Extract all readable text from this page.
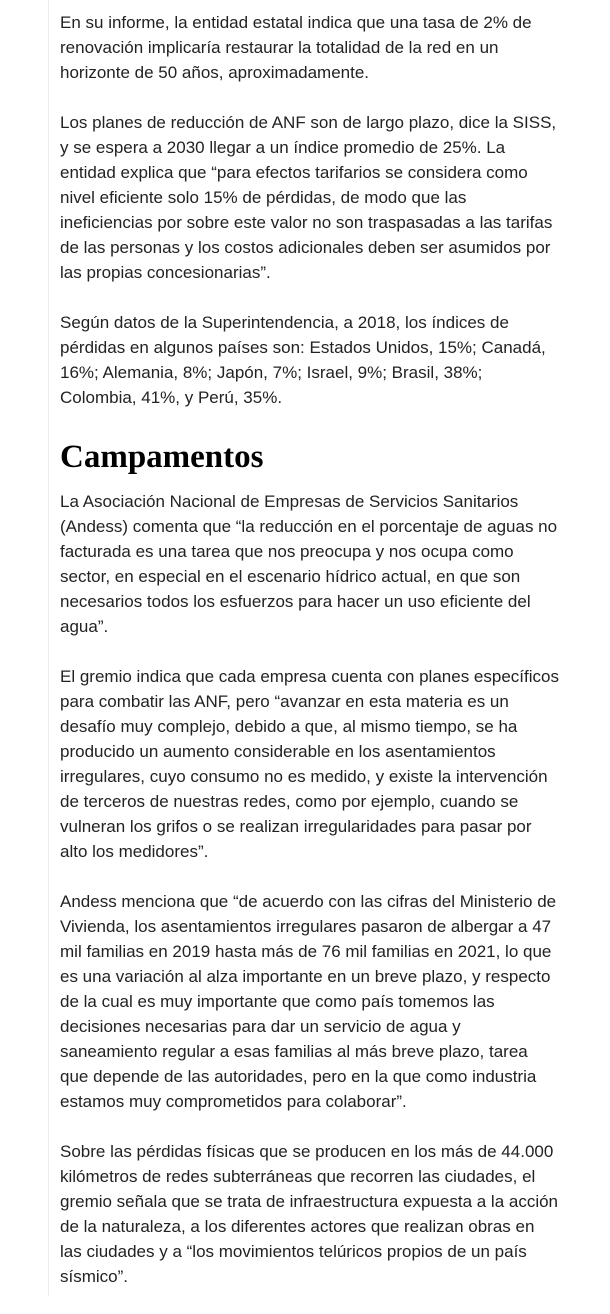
En su informe, la entidad estatal indica que una tasa de 2% de renovación implicaría restaurar la totalidad de la red en un horizonte de 50 años, aproximadamente.

Los planes de reducción de ANF son de largo plazo, dice la SISS, y se espera a 2030 llegar a un índice promedio de 25%. La entidad explica que “para efectos tarifarios se considera como nivel eficiente solo 15% de pérdidas, de modo que las ineficiencias por sobre este valor no son traspasadas a las tarifas de las personas y los costos adicionales deben ser asumidos por las propias concesionarias”.

Según datos de la Superintendencia, a 2018, los índices de pérdidas en algunos países son: Estados Unidos, 15%; Canadá, 16%; Alemania, 8%; Japón, 7%; Israel, 9%; Brasil, 38%; Colombia, 41%, y Perú, 35%.

Campamentos

La Asociación Nacional de Empresas de Servicios Sanitarios (Andess) comenta que “la reducción en el porcentaje de aguas no facturada es una tarea que nos preocupa y nos ocupa como sector, en especial en el escenario hídrico actual, en que son necesarios todos los esfuerzos para hacer un uso eficiente del agua”.

El gremio indica que cada empresa cuenta con planes específicos para combatir las ANF, pero “avanzar en esta materia es un desafío muy complejo, debido a que, al mismo tiempo, se ha producido un aumento considerable en los asentamientos irregulares, cuyo consumo no es medido, y existe la intervención de terceros de nuestras redes, como por ejemplo, cuando se vulneran los grifos o se realizan irregularidades para pasar por alto los medidores”.

Andess menciona que “de acuerdo con las cifras del Ministerio de Vivienda, los asentamientos irregulares pasaron de albergar a 47 mil familias en 2019 hasta más de 76 mil familias en 2021, lo que es una variación al alza importante en un breve plazo, y respecto de la cual es muy importante que como país tomemos las decisiones necesarias para dar un servicio de agua y saneamiento regular a esas familias al más breve plazo, tarea que depende de las autoridades, pero en la que como industria estamos muy comprometidos para colaborar”.

Sobre las pérdidas físicas que se producen en los más de 44.000 kilómetros de redes subterráneas que recorren las ciudades, el gremio señala que se trata de infraestructura expuesta a la acción de la naturaleza, a los diferentes actores que realizan obras en las ciudades y a “los movimientos telúricos propios de un país sísmico”.
